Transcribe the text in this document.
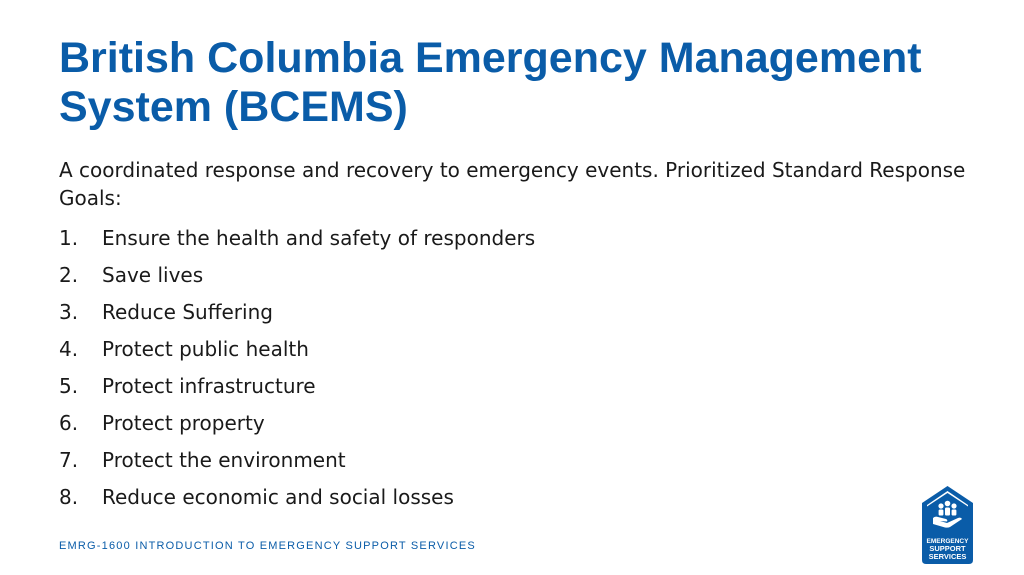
British Columbia Emergency Management System (BCEMS)

A coordinated response and recovery to emergency events. Prioritized Standard Response Goals:

1.	Ensure the health and safety of responders
2.	Save lives
3.	Reduce Suffering
4.	Protect public health
5.	Protect infrastructure
6.	Protect property
7.	Protect the environment
8.	Reduce economic and social losses

EMRG-1600 INTRODUCTION TO EMERGENCY SUPPORT SERVICES	EMERGENCY
SUPPORT
SERVICES
